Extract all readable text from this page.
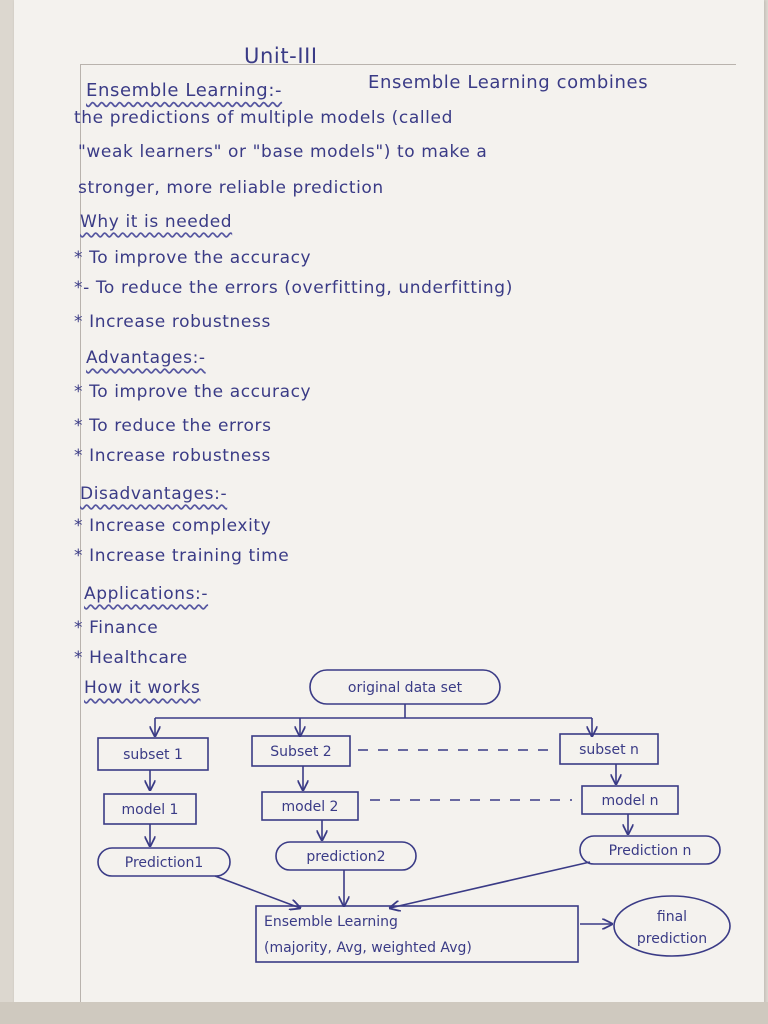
Unit-III
Ensemble Learning:-	Ensemble Learning combines
the predictions of multiple models (called
"weak learners" or "base models") to make a
stronger, more reliable prediction
Why it is needed
* To improve the accuracy
*- To reduce the errors (overfitting, underfitting)
* Increase robustness
Advantages:-
* To improve the accuracy
* To reduce the errors
* Increase robustness
Disadvantages:-
* Increase complexity
* Increase training time
Applications:-
* Finance
* Healthcare
How it works	original data set
subset 1	Subset 2	subset n
model 1	model 2	model n
Prediction1	prediction2	Prediction n
Ensemble Learning
(majority, Avg, weighted Avg)
final
prediction
